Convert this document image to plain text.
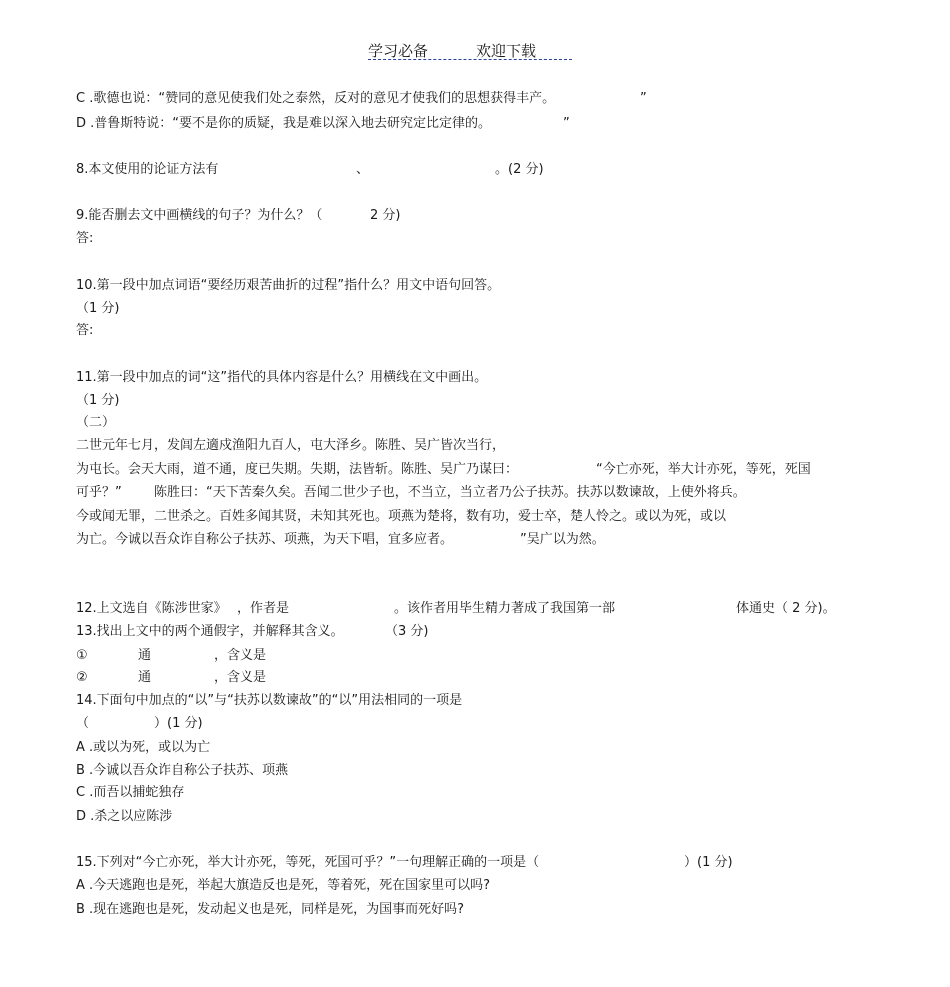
学习必备	欢迎下载
C .歌德也说：“赞同的意见使我们处之泰然，反对的意见才使我们的思想获得丰产。	”
D .普鲁斯特说：“要不是你的质疑，我是难以深入地去研究定比定律的。	”
8.本文使用的论证方法有	、	。(2 分)
9.能否删去文中画横线的句子？为什么？（	2 分)
答:
10.第一段中加点词语“要经历艰苦曲折的过程”指什么？用文中语句回答。
（1 分)
答:
11.第一段中加点的词“这”指代的具体内容是什么？用横线在文中画出。
（1 分)
（二）
二世元年七月，发闾左適戍渔阳九百人，屯大泽乡。陈胜、吴广皆次当行，
为屯长。会天大雨，道不通，度已失期。失期，法皆斩。陈胜、吴广乃谋曰：	“今亡亦死，举大计亦死，等死，死国
可乎？” 陈胜曰：“天下苦秦久矣。吾闻二世少子也，不当立，当立者乃公子扶苏。扶苏以数谏故，上使外将兵。
今或闻无罪，二世杀之。百姓多闻其贤，未知其死也。项燕为楚将，数有功，爱士卒，楚人怜之。或以为死，或以
为亡。今诚以吾众诈自称公子扶苏、项燕，为天下唱，宜多应者。	”吴广以为然。
12.上文选自《陈涉世家》 ，作者是	。该作者用毕生精力著成了我国第一部	体通史（ 2 分)。
13.找出上文中的两个通假字，并解释其含义。	（3 分)
①	通	，含义是
②	通	，含义是
14.下面句中加点的“以”与“扶苏以数谏故”的“以”用法相同的一项是
（	）(1 分)
A .或以为死，或以为亡
B .今诚以吾众诈自称公子扶苏、项燕
C .而吾以捕蛇独存
D .杀之以应陈涉
15.下列对“今亡亦死，举大计亦死，等死，死国可乎？”一句理解正确的一项是（	）(1 分)
A .今天逃跑也是死，举起大旗造反也是死，等着死，死在国家里可以吗?
B .现在逃跑也是死，发动起义也是死，同样是死，为国事而死好吗?
